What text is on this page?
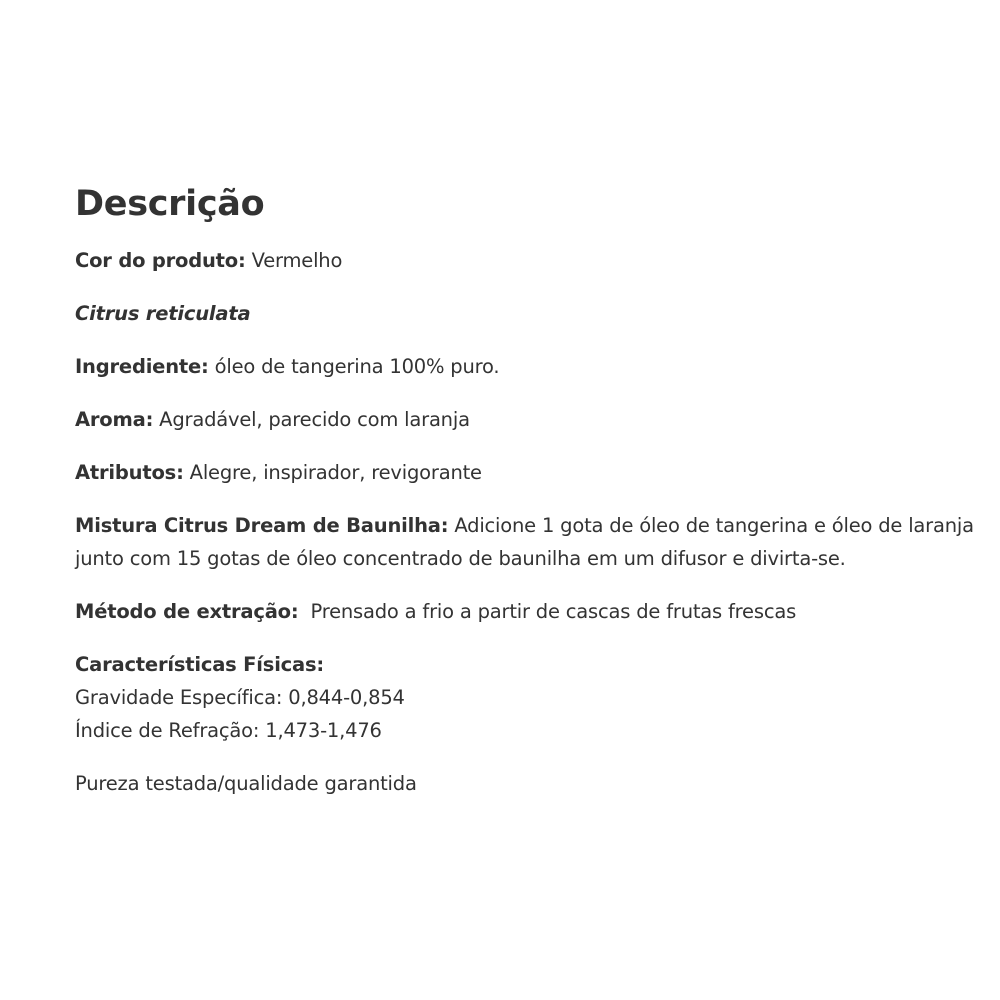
Descrição

Cor do produto: Vermelho

Citrus reticulata

Ingrediente: óleo de tangerina 100% puro.

Aroma: Agradável, parecido com laranja

Atributos: Alegre, inspirador, revigorante

Mistura Citrus Dream de Baunilha: Adicione 1 gota de óleo de tangerina e óleo de laranja junto com 15 gotas de óleo concentrado de baunilha em um difusor e divirta-se.

Método de extração:  Prensado a frio a partir de cascas de frutas frescas

Características Físicas:
Gravidade Específica: 0,844-0,854
Índice de Refração: 1,473-1,476

Pureza testada/qualidade garantida
